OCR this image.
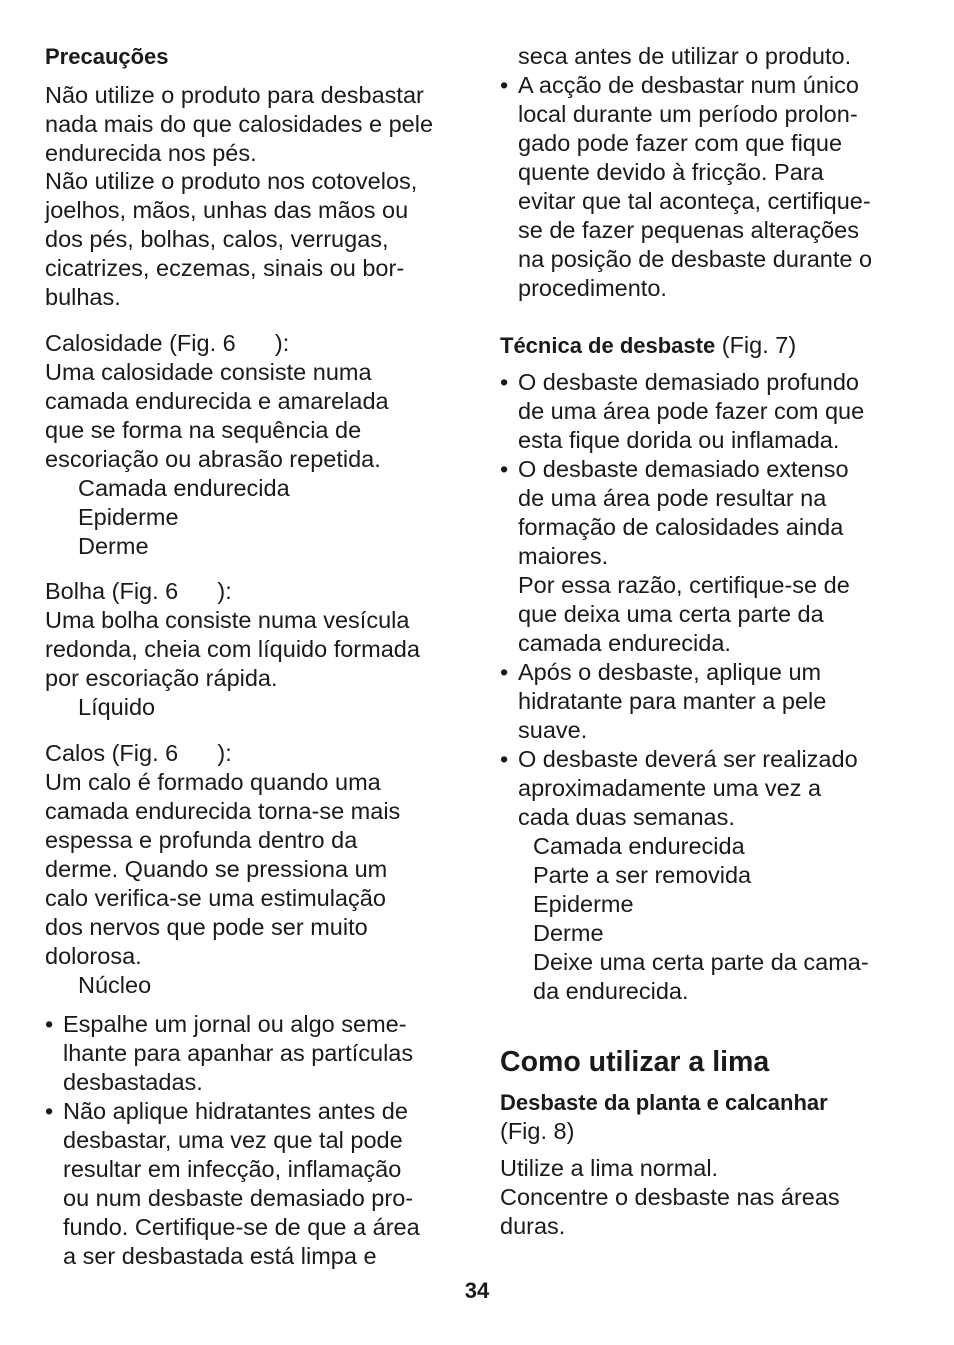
Precauções
Não utilize o produto para desbastar
nada mais do que calosidades e pele
endurecida nos pés.
Não utilize o produto nos cotovelos,
joelhos, mãos, unhas das mãos ou
dos pés, bolhas, calos, verrugas,
cicatrizes, eczemas, sinais ou bor-
bulhas.
Calosidade (Fig. 6      ):
Uma calosidade consiste numa
camada endurecida e amarelada
que se forma na sequência de
escoriação ou abrasão repetida.
Camada endurecida
Epiderme
Derme
Bolha (Fig. 6      ):
Uma bolha consiste numa vesícula
redonda, cheia com líquido formada
por escoriação rápida.
Líquido
Calos (Fig. 6      ):
Um calo é formado quando uma
camada endurecida torna-se mais
espessa e profunda dentro da
derme. Quando se pressiona um
calo verifica-se uma estimulação
dos nervos que pode ser muito
dolorosa.
Núcleo
• Espalhe um jornal ou algo seme-
lhante para apanhar as partículas
desbastadas.
• Não aplique hidratantes antes de
desbastar, uma vez que tal pode
resultar em infecção, inflamação
ou num desbaste demasiado pro-
fundo. Certifique-se de que a área
a ser desbastada está limpa e
seca antes de utilizar o produto.
• A acção de desbastar num único
local durante um período prolon-
gado pode fazer com que fique
quente devido à fricção. Para
evitar que tal aconteça, certifique-
se de fazer pequenas alterações
na posição de desbaste durante o
procedimento.
Técnica de desbaste (Fig. 7)
• O desbaste demasiado profundo
de uma área pode fazer com que
esta fique dorida ou inflamada.
• O desbaste demasiado extenso
de uma área pode resultar na
formação de calosidades ainda
maiores.
Por essa razão, certifique-se de
que deixa uma certa parte da
camada endurecida.
• Após o desbaste, aplique um
hidratante para manter a pele
suave.
• O desbaste deverá ser realizado
aproximadamente uma vez a
cada duas semanas.
Camada endurecida
Parte a ser removida
Epiderme
Derme
Deixe uma certa parte da cama-
da endurecida.
Como utilizar a lima
Desbaste da planta e calcanhar
(Fig. 8)
Utilize a lima normal.
Concentre o desbaste nas áreas
duras.
34
